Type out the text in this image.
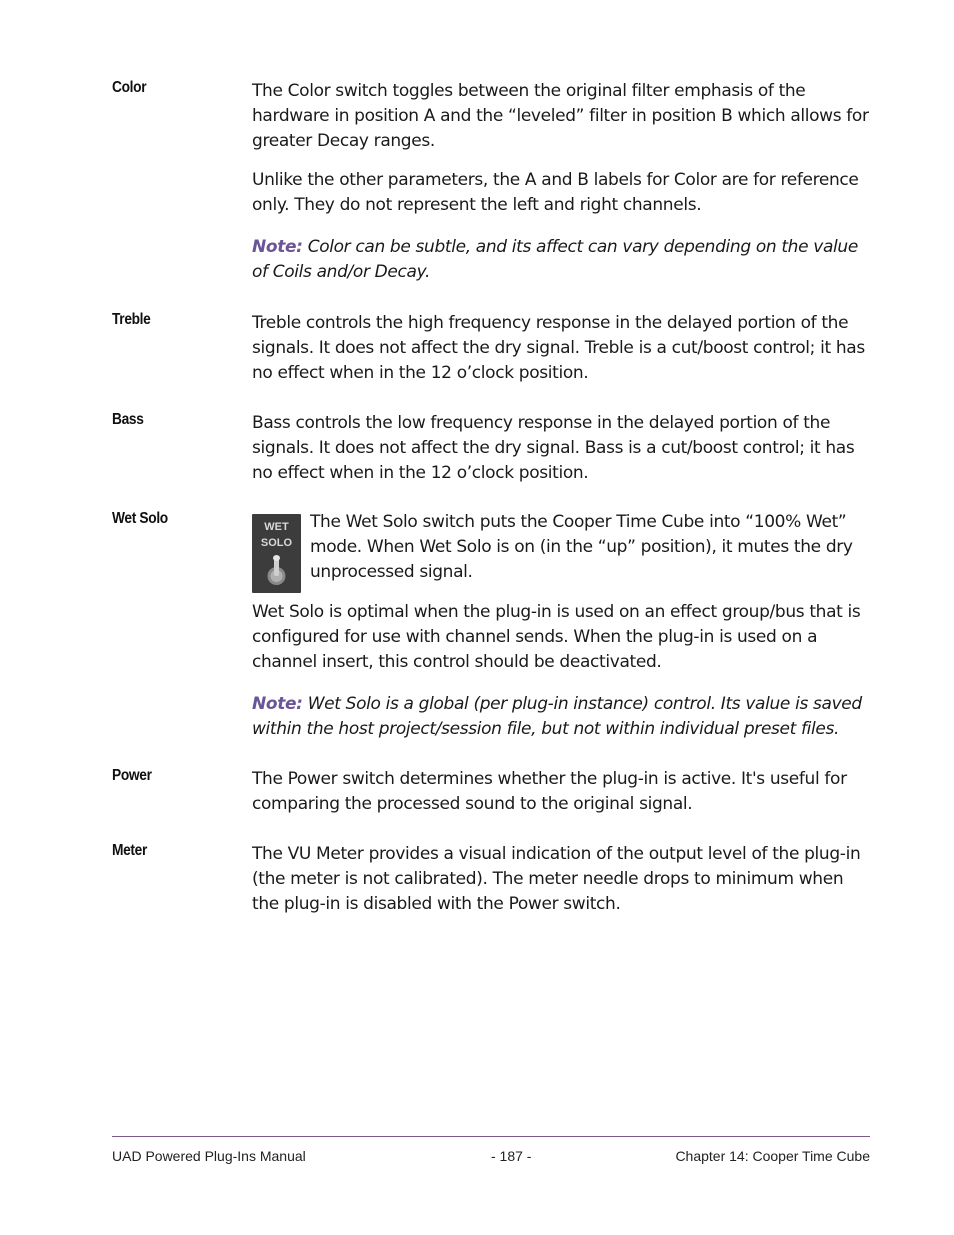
Color	The Color switch toggles between the original filter emphasis of the hardware in position A and the “leveled” filter in position B which allows for greater Decay ranges.

Unlike the other parameters, the A and B labels for Color are for reference only. They do not represent the left and right channels.

Note: Color can be subtle, and its affect can vary depending on the value of Coils and/or Decay.

Treble	Treble controls the high frequency response in the delayed portion of the signals. It does not affect the dry signal. Treble is a cut/boost control; it has no effect when in the 12 o’clock position.

Bass	Bass controls the low frequency response in the delayed portion of the signals. It does not affect the dry signal. Bass is a cut/boost control; it has no effect when in the 12 o’clock position.

Wet Solo	WET
SOLO

The Wet Solo switch puts the Cooper Time Cube into “100% Wet” mode. When Wet Solo is on (in the “up” position), it mutes the dry unprocessed signal.

Wet Solo is optimal when the plug-in is used on an effect group/bus that is configured for use with channel sends. When the plug-in is used on a channel insert, this control should be deactivated.

Note: Wet Solo is a global (per plug-in instance) control. Its value is saved within the host project/session file, but not within individual preset files.

Power	The Power switch determines whether the plug-in is active. It's useful for comparing the processed sound to the original signal.

Meter	The VU Meter provides a visual indication of the output level of the plug-in (the meter is not calibrated). The meter needle drops to minimum when the plug-in is disabled with the Power switch.

UAD Powered Plug-Ins Manual	- 187 -	Chapter 14: Cooper Time Cube
